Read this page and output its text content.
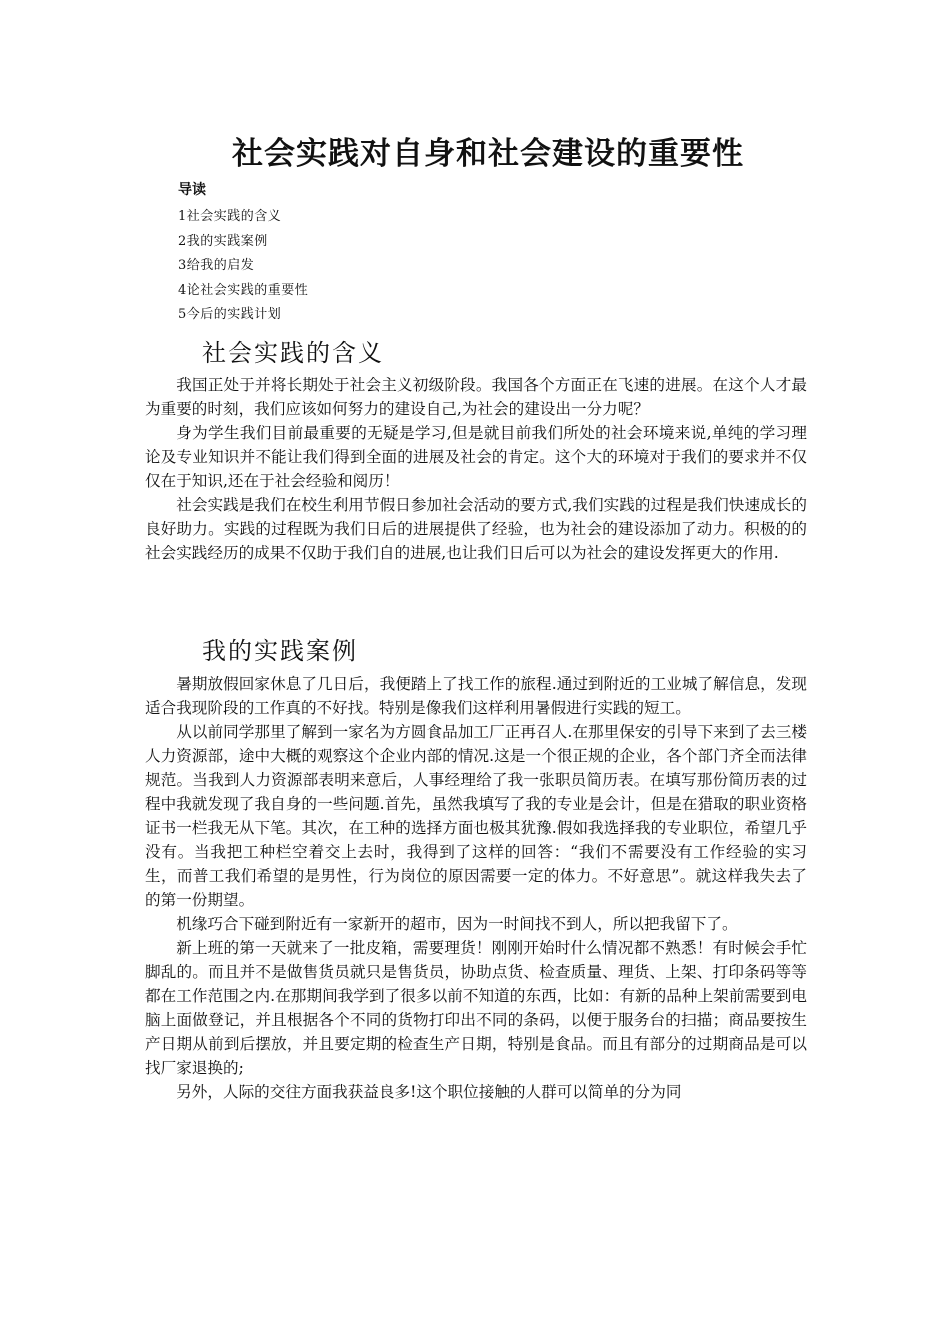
社会实践对自身和社会建设的重要性
导读
1社会实践的含义
2我的实践案例
3给我的启发
4论社会实践的重要性
5今后的实践计划
社会实践的含义

我国正处于并将长期处于社会主义初级阶段。我国各个方面正在飞速的进展。在这个人才最为重要的时刻，我们应该如何努力的建设自己,为社会的建设出一分力呢？

身为学生我们目前最重要的无疑是学习,但是就目前我们所处的社会环境来说,单纯的学习理论及专业知识并不能让我们得到全面的进展及社会的肯定。这个大的环境对于我们的要求并不仅仅在于知识,还在于社会经验和阅历！

社会实践是我们在校生利用节假日参加社会活动的要方式,我们实践的过程是我们快速成长的良好助力。实践的过程既为我们日后的进展提供了经验，也为社会的建设添加了动力。积极的的社会实践经历的成果不仅助于我们自的进展,也让我们日后可以为社会的建设发挥更大的作用.

我的实践案例

暑期放假回家休息了几日后，我便踏上了找工作的旅程.通过到附近的工业城了解信息，发现适合我现阶段的工作真的不好找。特别是像我们这样利用暑假进行实践的短工。

从以前同学那里了解到一家名为方圆食品加工厂正再召人.在那里保安的引导下来到了去三楼人力资源部，途中大概的观察这个企业内部的情况.这是一个很正规的企业，各个部门齐全而法律规范。当我到人力资源部表明来意后，人事经理给了我一张职员简历表。在填写那份简历表的过程中我就发现了我自身的一些问题.首先，虽然我填写了我的专业是会计，但是在猎取的职业资格证书一栏我无从下笔。其次，在工种的选择方面也极其犹豫.假如我选择我的专业职位，希望几乎没有。当我把工种栏空着交上去时，我得到了这样的回答：“我们不需要没有工作经验的实习生，而普工我们希望的是男性，行为岗位的原因需要一定的体力。不好意思”。就这样我失去了的第一份期望。

机缘巧合下碰到附近有一家新开的超市，因为一时间找不到人，所以把我留下了。

新上班的第一天就来了一批皮箱，需要理货！刚刚开始时什么情况都不熟悉！有时候会手忙脚乱的。而且并不是做售货员就只是售货员，协助点货、检查质量、理货、上架、打印条码等等都在工作范围之内.在那期间我学到了很多以前不知道的东西，比如：有新的品种上架前需要到电脑上面做登记，并且根据各个不同的货物打印出不同的条码，以便于服务台的扫描；商品要按生产日期从前到后摆放，并且要定期的检查生产日期，特别是食品。而且有部分的过期商品是可以找厂家退换的;

另外，人际的交往方面我获益良多!这个职位接触的人群可以简单的分为同
